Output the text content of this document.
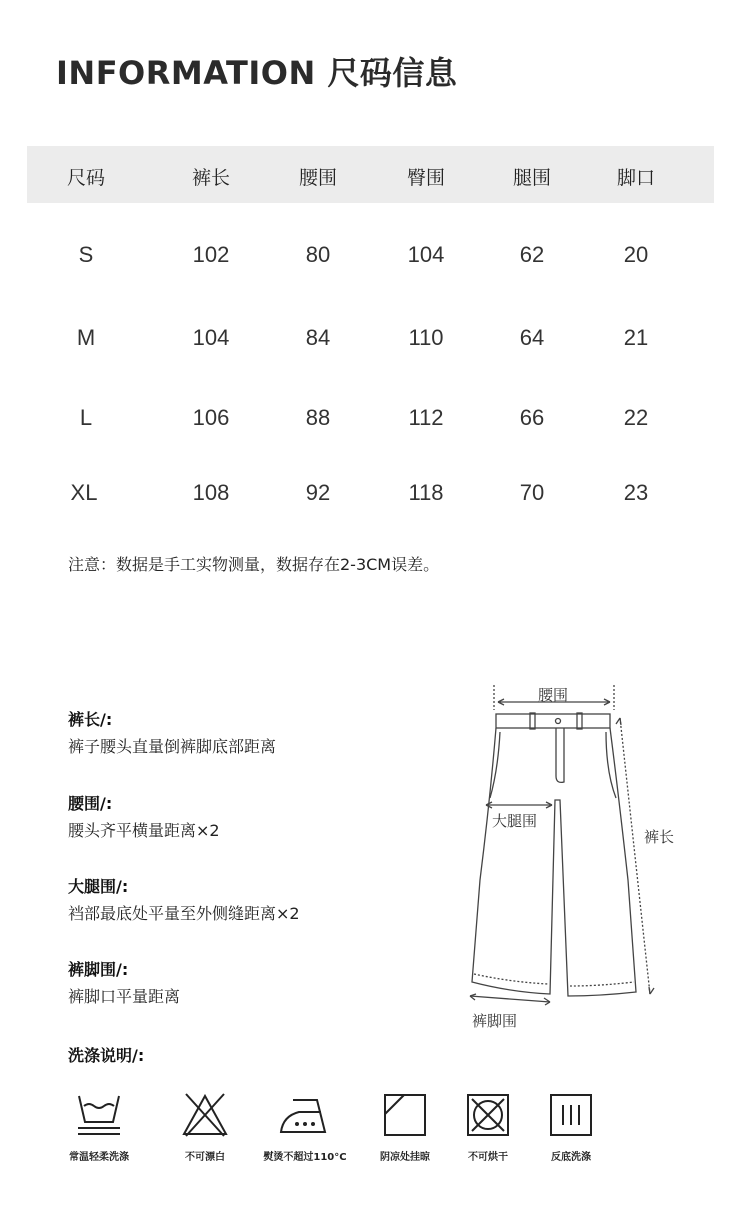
INFORMATION 尺码信息
尺码	裤长	腰围	臀围	腿围	脚口
S	102	80	104	62	20
M	104	84	110	64	21
L	106	88	112	66	22
XL	108	92	118	70	23
注意：数据是手工实物测量，数据存在2-3CM误差。
裤长/:
裤子腰头直量倒裤脚底部距离
腰围/:
腰头齐平横量距离×2
大腿围/:
裆部最底处平量至外侧缝距离×2
裤脚围/:
裤脚口平量距离
洗涤说明/:
腰围
大腿围
裤长
裤脚围
常温轻柔洗涤	不可漂白	熨烫不超过110°C	阴凉处挂晾	不可烘干	反底洗涤
